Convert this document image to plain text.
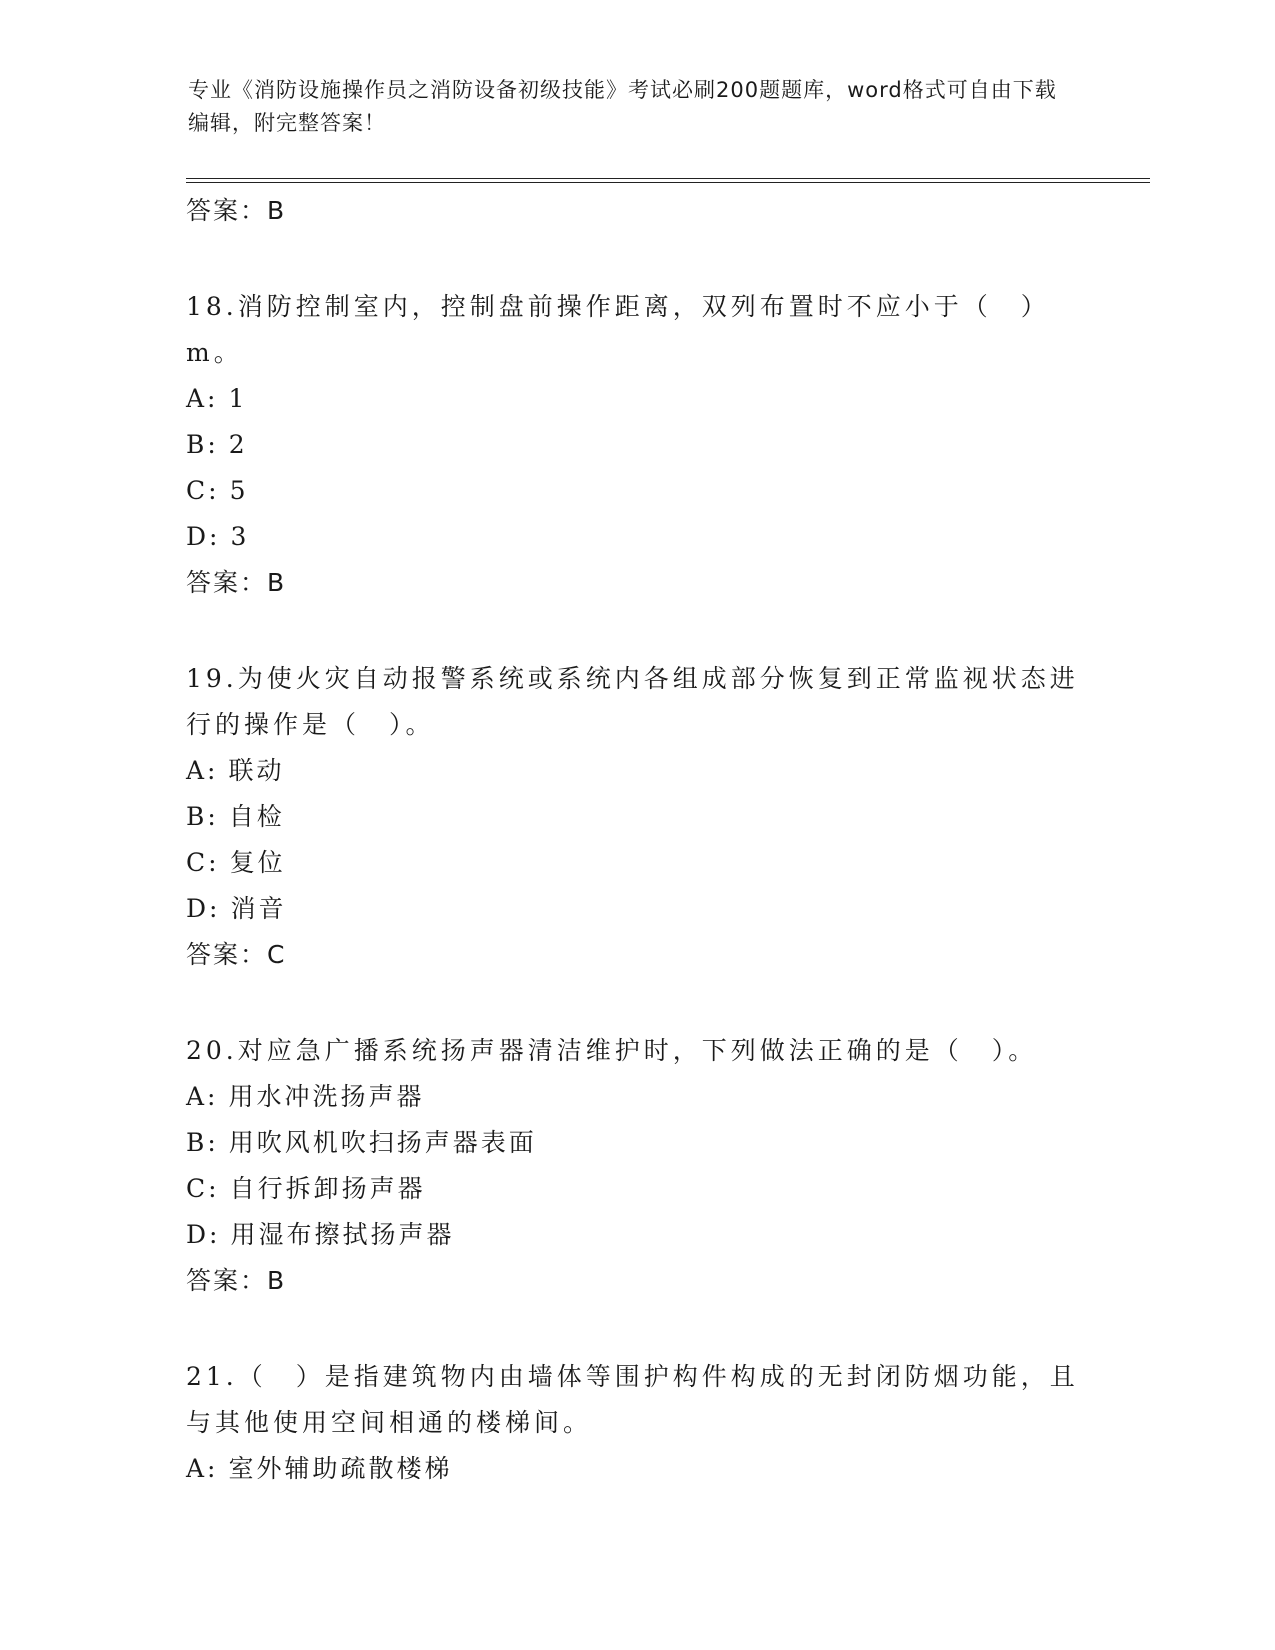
专业《消防设施操作员之消防设备初级技能》考试必刷200题题库，word格式可自由下载编辑，附完整答案！

答案：B

18.消防控制室内，控制盘前操作距离，双列布置时不应小于（　）m。

A: 1

B: 2

C: 5

D: 3

答案：B

19.为使火灾自动报警系统或系统内各组成部分恢复到正常监视状态进行的操作是（　）。

A: 联动

B: 自检

C: 复位

D: 消音

答案：C

20.对应急广播系统扬声器清洁维护时，下列做法正确的是（　）。

A: 用水冲洗扬声器

B: 用吹风机吹扫扬声器表面

C: 自行拆卸扬声器

D: 用湿布擦拭扬声器

答案：B

21.（　）是指建筑物内由墙体等围护构件构成的无封闭防烟功能，且与其他使用空间相通的楼梯间。

A: 室外辅助疏散楼梯
